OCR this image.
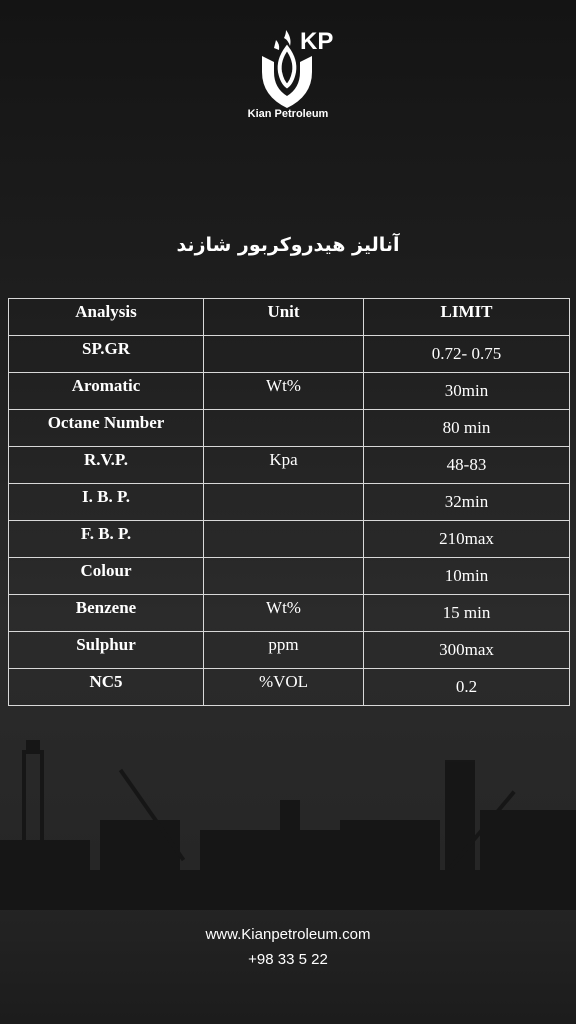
KP
Kian Petroleum
آنالیز هیدروکربور شازند
Analysis	Unit	LIMIT
SP.GR		0.72- 0.75
Aromatic	Wt%	30min
Octane Number		80 min
R.V.P.	Kpa	48-83
I. B. P.		32min
F. B. P.		210max
Colour		10min
Benzene	Wt%	15 min
Sulphur	ppm	300max
NC5	%VOL	0.2
www.Kianpetroleum.com
+98 33 5 22
